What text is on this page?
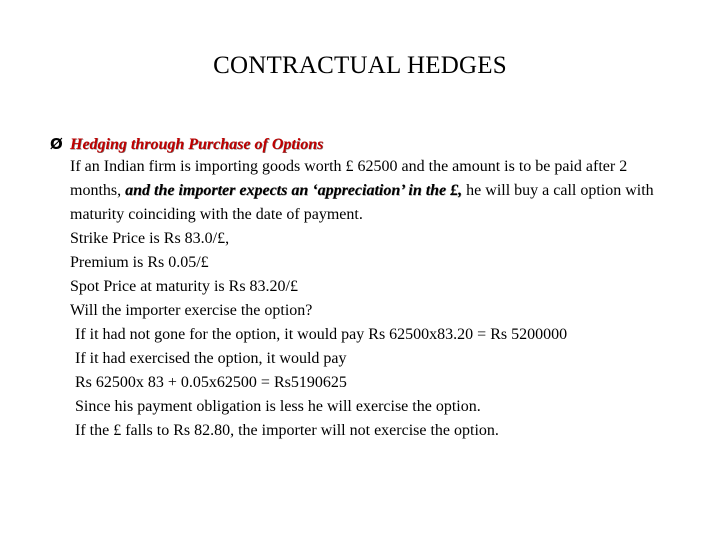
CONTRACTUAL HEDGES
Ø Hedging through Purchase of Options

If an Indian firm is importing goods worth £ 62500 and the amount is to be paid after 2 months, and the importer expects an ‘appreciation’ in the £, he will buy a call option with maturity coinciding with the date of payment.

Strike Price is Rs 83.0/£,

Premium is Rs 0.05/£

Spot Price at maturity is Rs 83.20/£

Will the importer exercise the option?

If it had not gone for the option, it would pay Rs 62500x83.20 = Rs 5200000

If it had exercised the option, it would pay

Rs 62500x 83 + 0.05x62500 = Rs5190625

Since his payment obligation is less he will exercise the option.

If the £ falls to Rs 82.80, the importer will not exercise the option.
